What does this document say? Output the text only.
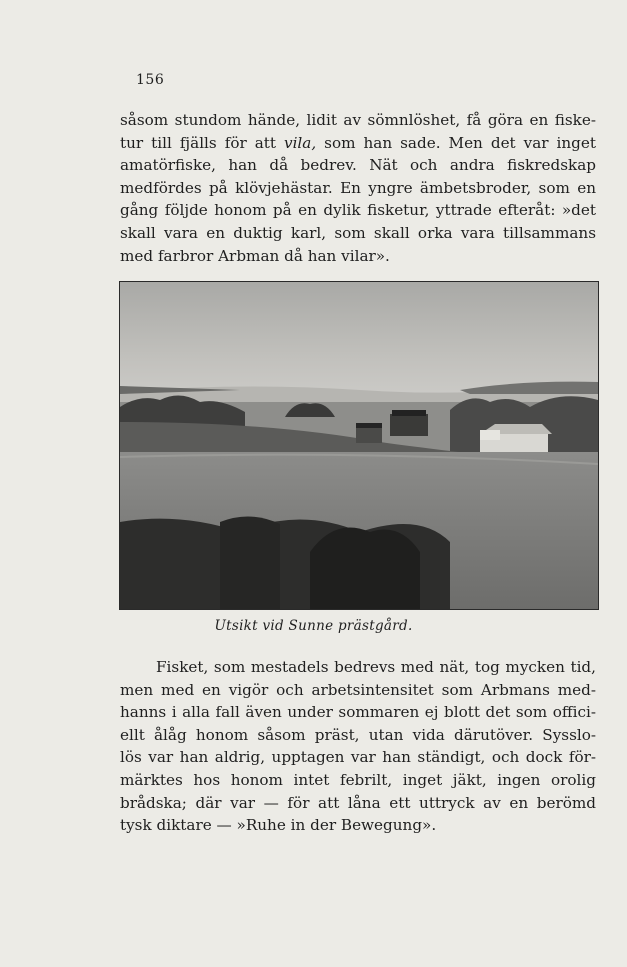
156
såsom stundom hände, lidit av sömnlöshet, få göra en fiske-
tur till fjälls för att vila, som han sade. Men det var inget
amatörfiske, han då bedrev. Nät och andra fiskredskap
medfördes på klövjehästar. En yngre ämbetsbroder, som en
gång följde honom på en dylik fisketur, yttrade efteråt: »det
skall vara en duktig karl, som skall orka vara tillsammans
med farbror Arbman då han vilar».
Utsikt vid Sunne prästgård.
Fisket, som mestadels bedrevs med nät, tog mycken tid,
men med en vigör och arbetsintensitet som Arbmans med-
hanns i alla fall även under sommaren ej blott det som offici-
ellt ålåg honom såsom präst, utan vida därutöver. Sysslo-
lös var han aldrig, upptagen var han ständigt, och dock för-
märktes hos honom intet febrilt, inget jäkt, ingen orolig
brådska; där var — för att låna ett uttryck av en berömd
tysk diktare — »Ruhe in der Bewegung».
